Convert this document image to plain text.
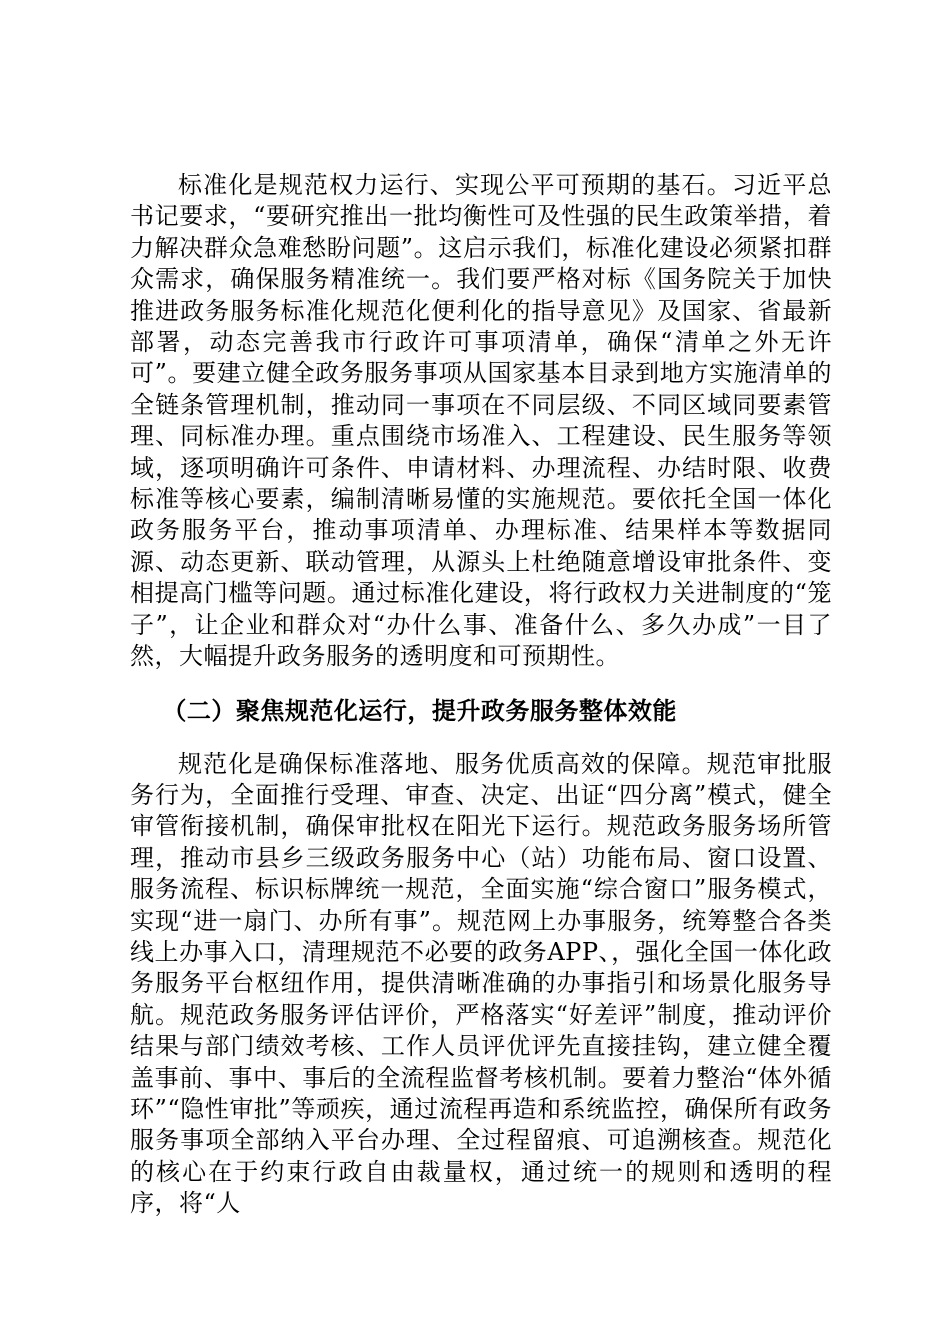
标准化是规范权力运行、实现公平可预期的基石。习近平总书记要求，“要研究推出一批均衡性可及性强的民生政策举措，着力解决群众急难愁盼问题”。这启示我们，标准化建设必须紧扣群众需求，确保服务精准统一。我们要严格对标《国务院关于加快推进政务服务标准化规范化便利化的指导意见》及国家、省最新部署，动态完善我市行政许可事项清单，确保“清单之外无许可”。要建立健全政务服务事项从国家基本目录到地方实施清单的全链条管理机制，推动同一事项在不同层级、不同区域同要素管理、同标准办理。重点围绕市场准入、工程建设、民生服务等领域，逐项明确许可条件、申请材料、办理流程、办结时限、收费标准等核心要素，编制清晰易懂的实施规范。要依托全国一体化政务服务平台，推动事项清单、办理标准、结果样本等数据同源、动态更新、联动管理，从源头上杜绝随意增设审批条件、变相提高门槛等问题。通过标准化建设，将行政权力关进制度的“笼子”，让企业和群众对“办什么事、准备什么、多久办成”一目了然，大幅提升政务服务的透明度和可预期性。

（二）聚焦规范化运行，提升政务服务整体效能

规范化是确保标准落地、服务优质高效的保障。规范审批服务行为，全面推行受理、审查、决定、出证“四分离”模式，健全审管衔接机制，确保审批权在阳光下运行。规范政务服务场所管理，推动市县乡三级政务服务中心（站）功能布局、窗口设置、服务流程、标识标牌统一规范，全面实施“综合窗口”服务模式，实现“进一扇门、办所有事”。规范网上办事服务，统筹整合各类线上办事入口，清理规范不必要的政务APP、，强化全国一体化政务服务平台枢纽作用，提供清晰准确的办事指引和场景化服务导航。规范政务服务评估评价，严格落实“好差评”制度，推动评价结果与部门绩效考核、工作人员评优评先直接挂钩，建立健全覆盖事前、事中、事后的全流程监督考核机制。要着力整治“体外循环”“隐性审批”等顽疾，通过流程再造和系统监控，确保所有政务服务事项全部纳入平台办理、全过程留痕、可追溯核查。规范化的核心在于约束行政自由裁量权，通过统一的规则和透明的程序，将“人
